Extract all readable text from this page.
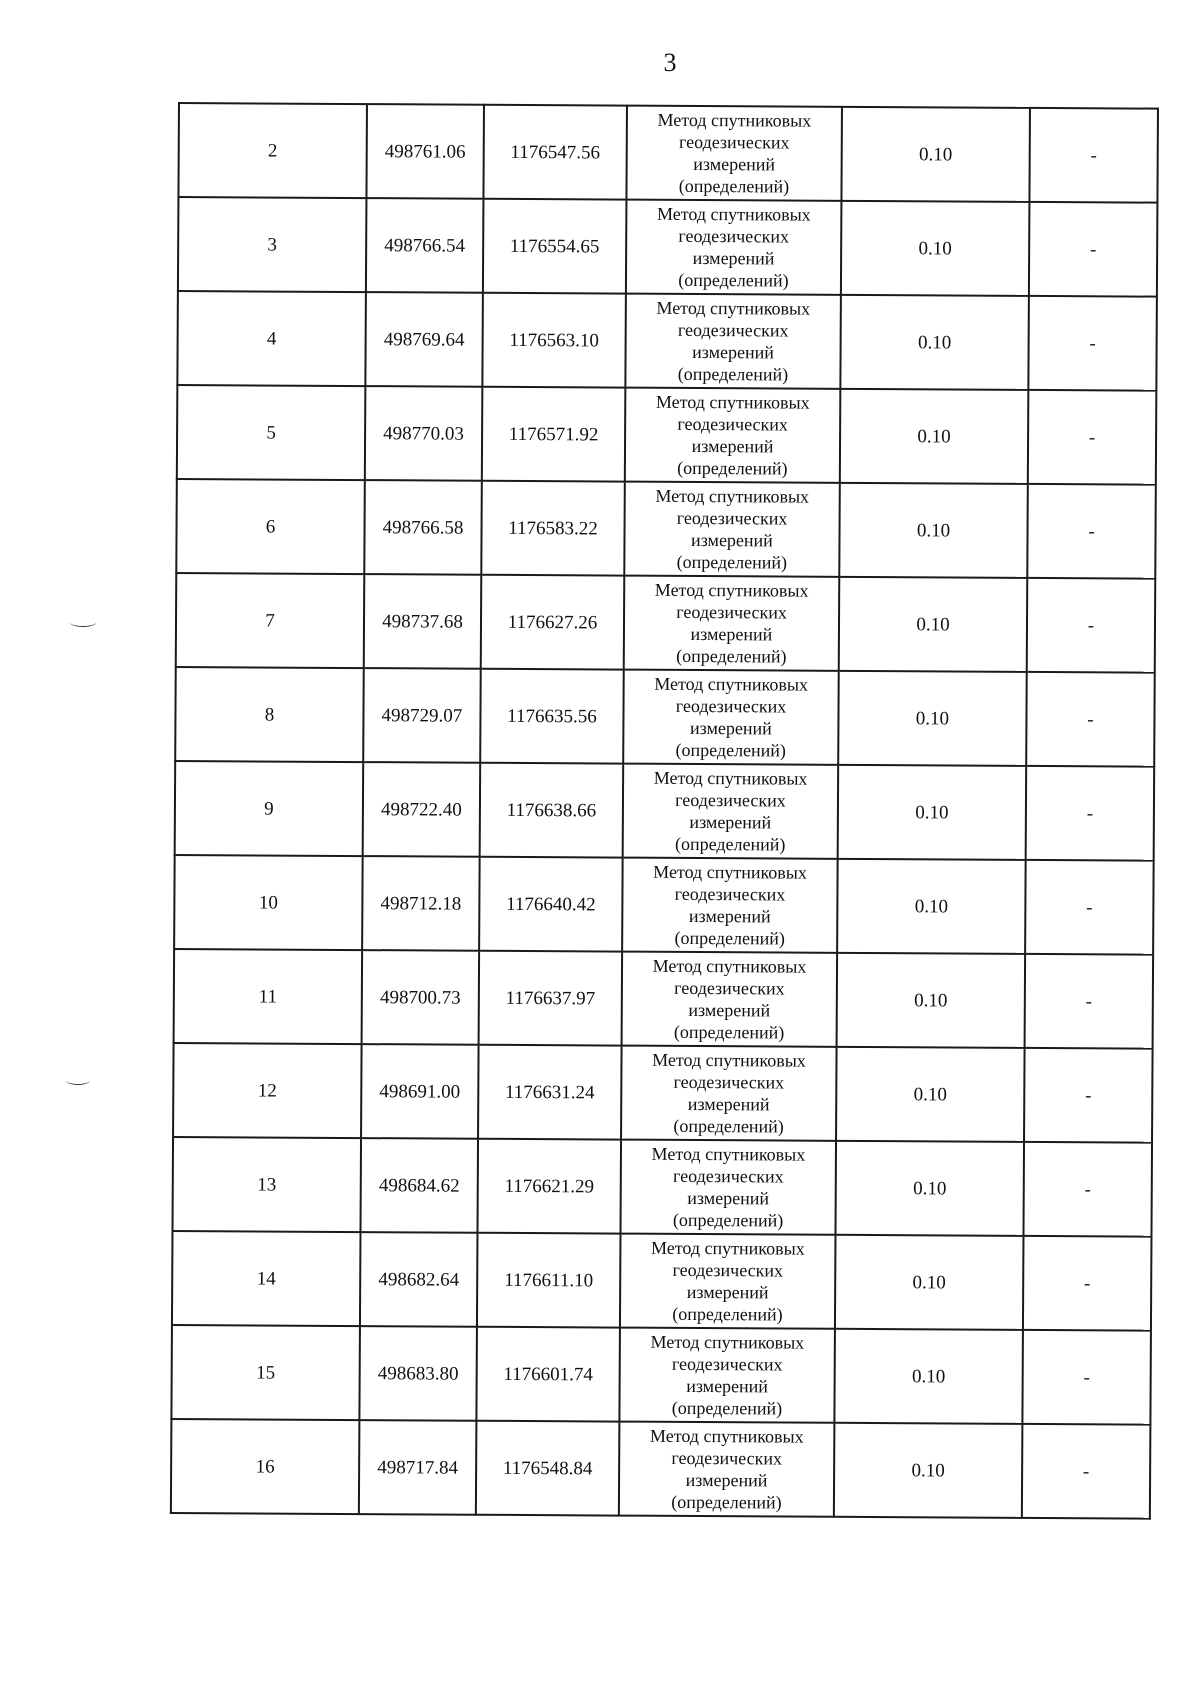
3
2	498761.06	1176547.56	Метод спутниковых
геодезических
измерений
(определений)	0.10	-
3	498766.54	1176554.65	Метод спутниковых
геодезических
измерений
(определений)	0.10	-
4	498769.64	1176563.10	Метод спутниковых
геодезических
измерений
(определений)	0.10	-
5	498770.03	1176571.92	Метод спутниковых
геодезических
измерений
(определений)	0.10	-
6	498766.58	1176583.22	Метод спутниковых
геодезических
измерений
(определений)	0.10	-
7	498737.68	1176627.26	Метод спутниковых
геодезических
измерений
(определений)	0.10	-
8	498729.07	1176635.56	Метод спутниковых
геодезических
измерений
(определений)	0.10	-
9	498722.40	1176638.66	Метод спутниковых
геодезических
измерений
(определений)	0.10	-
10	498712.18	1176640.42	Метод спутниковых
геодезических
измерений
(определений)	0.10	-
11	498700.73	1176637.97	Метод спутниковых
геодезических
измерений
(определений)	0.10	-
12	498691.00	1176631.24	Метод спутниковых
геодезических
измерений
(определений)	0.10	-
13	498684.62	1176621.29	Метод спутниковых
геодезических
измерений
(определений)	0.10	-
14	498682.64	1176611.10	Метод спутниковых
геодезических
измерений
(определений)	0.10	-
15	498683.80	1176601.74	Метод спутниковых
геодезических
измерений
(определений)	0.10	-
16	498717.84	1176548.84	Метод спутниковых
геодезических
измерений
(определений)	0.10	-
